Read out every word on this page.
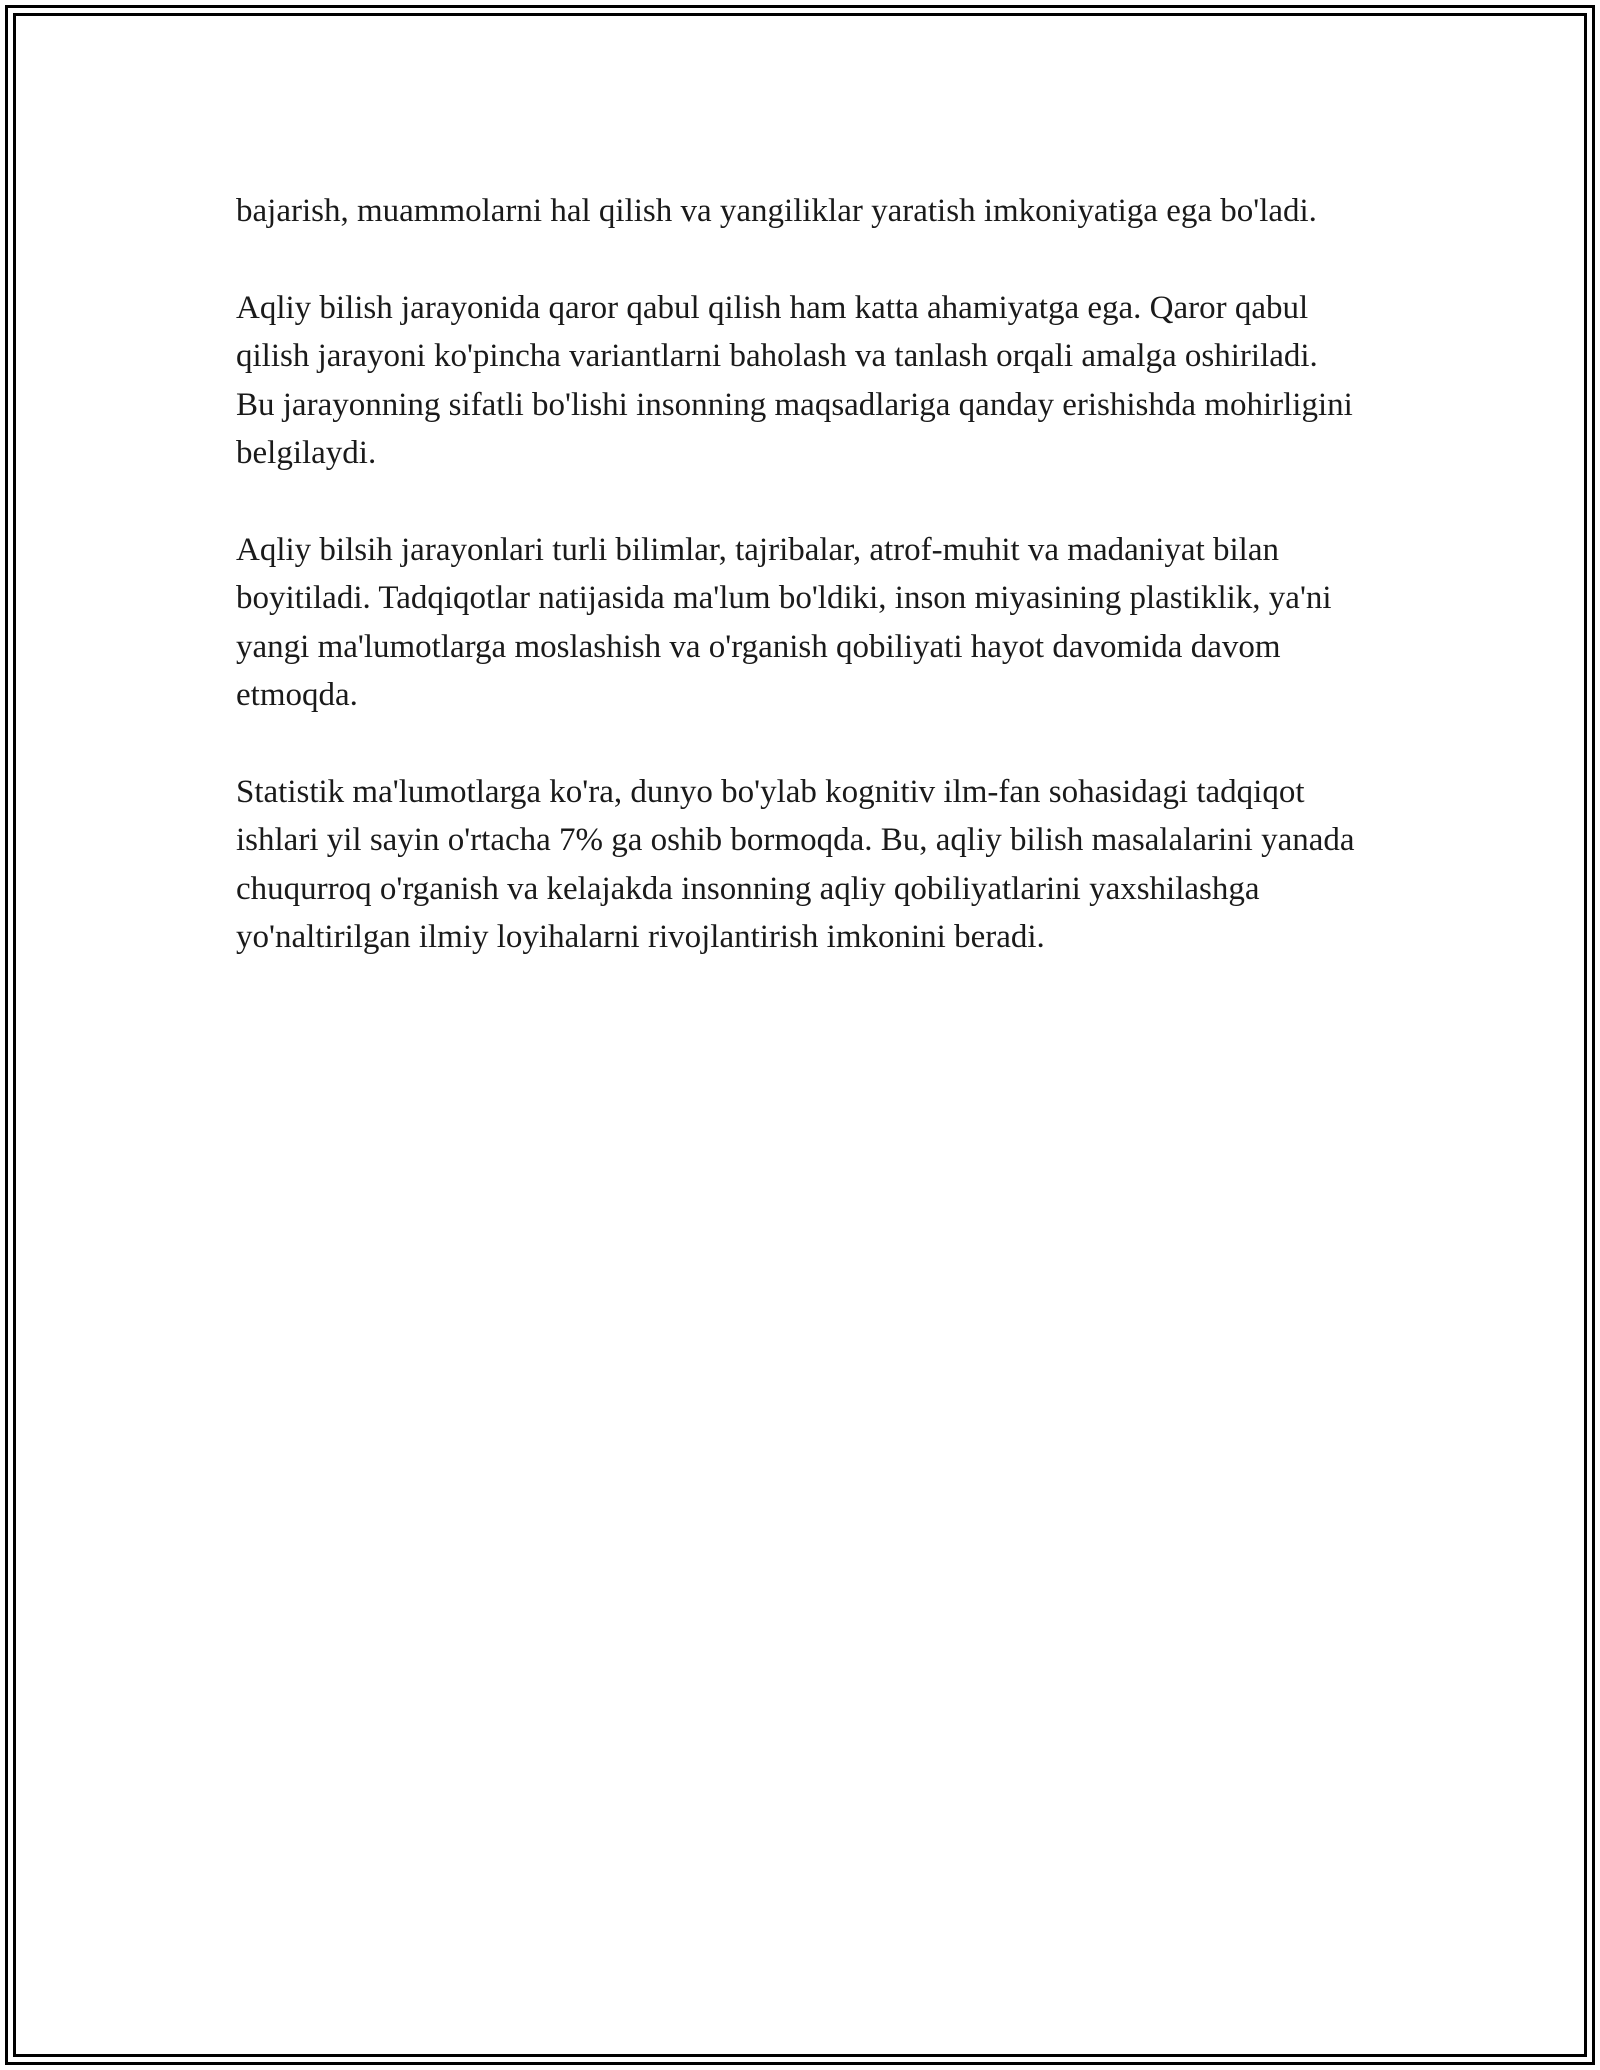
bajarish, muammolarni hal qilish va yangiliklar yaratish imkoniyatiga ega bo'ladi.

Aqliy bilish jarayonida qaror qabul qilish ham katta ahamiyatga ega. Qaror qabul qilish jarayoni ko'pincha variantlarni baholash va tanlash orqali amalga oshiriladi. Bu jarayonning sifatli bo'lishi insonning maqsadlariga qanday erishishda mohirligini belgilaydi.

Aqliy bilsih jarayonlari turli bilimlar, tajribalar, atrof-muhit va madaniyat bilan boyitiladi. Tadqiqotlar natijasida ma'lum bo'ldiki, inson miyasining plastiklik, ya'ni yangi ma'lumotlarga moslashish va o'rganish qobiliyati hayot davomida davom etmoqda.

Statistik ma'lumotlarga ko'ra, dunyo bo'ylab kognitiv ilm-fan sohasidagi tadqiqot ishlari yil sayin o'rtacha 7% ga oshib bormoqda. Bu, aqliy bilish masalalarini yanada chuqurroq o'rganish va kelajakda insonning aqliy qobiliyatlarini yaxshilashga yo'naltirilgan ilmiy loyihalarni rivojlantirish imkonini beradi.
